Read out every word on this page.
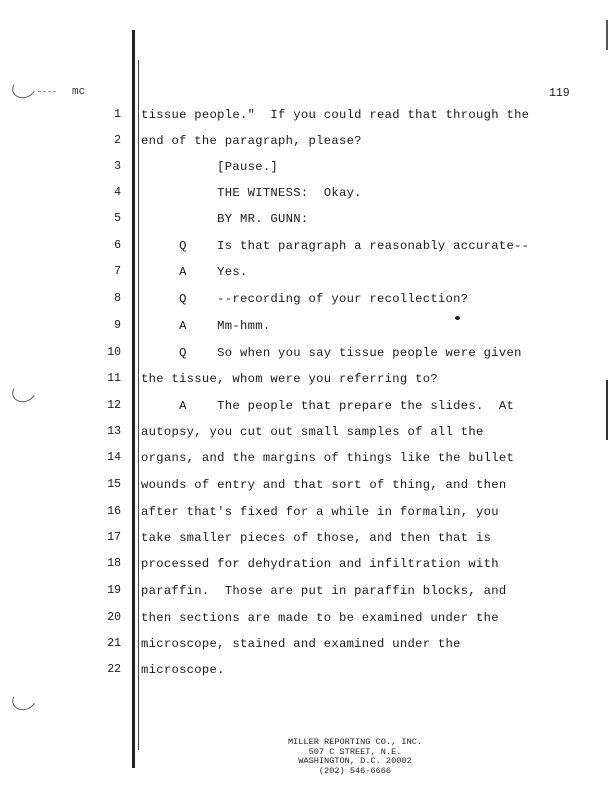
mc	119
1 tissue people."  If you could read that through the
2 end of the paragraph, please?
3 [Pause.]
4 THE WITNESS:  Okay.
5 BY MR. GUNN:
6 Q    Is that paragraph a reasonably accurate--
7 A    Yes.
8 Q    --recording of your recollection?
9 A    Mm-hmm.
10 Q    So when you say tissue people were given
11 the tissue, whom were you referring to?
12 A    The people that prepare the slides.  At
13 autopsy, you cut out small samples of all the
14 organs, and the margins of things like the bullet
15 wounds of entry and that sort of thing, and then
16 after that's fixed for a while in formalin, you
17 take smaller pieces of those, and then that is
18 processed for dehydration and infiltration with
19 paraffin.  Those are put in paraffin blocks, and
20 then sections are made to be examined under the
21 microscope, stained and examined under the
22 microscope.
MILLER REPORTING CO., INC.
507 C STREET, N.E.
WASHINGTON, D.C. 20002
(202) 546-6666
